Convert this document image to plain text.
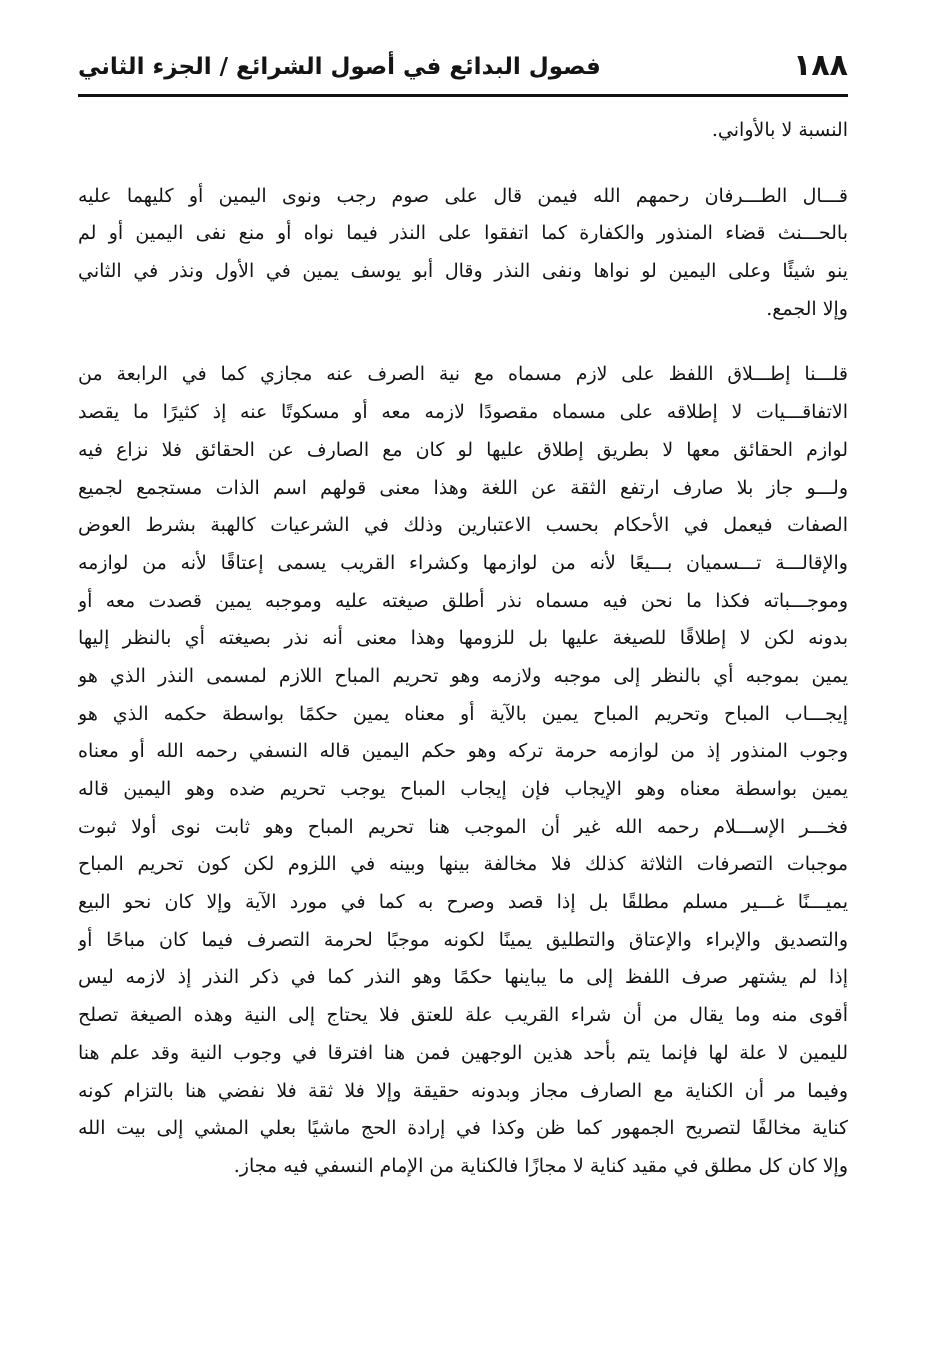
١٨٨
فصول البدائع في أصول الشرائع / الجزء الثاني
النسبة لا بالأواني.
قـــال الطـــرفان رحمهم الله فيمن قال على صوم رجب ونوى اليمين أو كليهما عليه
بالحـــنث قضاء المنذور والكفارة كما اتفقوا على النذر فيما نواه أو منع نفى اليمين أو لم
ينو شيئًا وعلى اليمين لو نواها ونفى النذر وقال أبو يوسف يمين في الأول ونذر في الثاني
وإلا الجمع.
قلـــنا إطـــلاق اللفظ على لازم مسماه مع نية الصرف عنه مجازي كما في الرابعة من
الاتفاقـــيات لا إطلاقه على مسماه مقصودًا لازمه معه أو مسكوتًا عنه إذ كثيرًا ما يقصد
لوازم الحقائق معها لا بطريق إطلاق عليها لو كان مع الصارف عن الحقائق فلا نزاع فيه
ولـــو جاز بلا صارف ارتفع الثقة عن اللغة وهذا معنى قولهم اسم الذات مستجمع لجميع
الصفات فيعمل في الأحكام بحسب الاعتبارين وذلك في الشرعيات كالهبة بشرط العوض
والإقالـــة تـــسميان بـــيعًا لأنه من لوازمها وكشراء القريب يسمى إعتاقًا لأنه من لوازمه
وموجـــباته فكذا ما نحن فيه مسماه نذر أطلق صيغته عليه وموجبه يمين قصدت معه أو
بدونه لكن لا إطلاقًا للصيغة عليها بل للزومها وهذا معنى أنه نذر بصيغته أي بالنظر إليها
يمين بموجبه أي بالنظر إلى موجبه ولازمه وهو تحريم المباح اللازم لمسمى النذر الذي هو
إيجـــاب المباح وتحريم المباح يمين بالآية أو معناه يمين حكمًا بواسطة حكمه الذي هو
وجوب المنذور إذ من لوازمه حرمة تركه وهو حكم اليمين قاله النسفي رحمه الله أو معناه
يمين بواسطة معناه وهو الإيجاب فإن إيجاب المباح يوجب تحريم ضده وهو اليمين قاله
فخـــر الإســـلام رحمه الله غير أن الموجب هنا تحريم المباح وهو ثابت نوى أولا ثبوت
موجبات التصرفات الثلاثة كذلك فلا مخالفة بينها وبينه في اللزوم لكن كون تحريم المباح
يميـــنًا غـــير مسلم مطلقًا بل إذا قصد وصرح به كما في مورد الآية وإلا كان نحو البيع
والتصديق والإبراء والإعتاق والتطليق يمينًا لكونه موجبًا لحرمة التصرف فيما كان مباحًا أو
إذا لم يشتهر صرف اللفظ إلى ما يباينها حكمًا وهو النذر كما في ذكر النذر إذ لازمه ليس
أقوى منه وما يقال من أن شراء القريب علة للعتق فلا يحتاج إلى النية وهذه الصيغة تصلح
لليمين لا علة لها فإنما يتم بأحد هذين الوجهين فمن هنا افترقا في وجوب النية وقد علم هنا
وفيما مر أن الكناية مع الصارف مجاز وبدونه حقيقة وإلا فلا ثقة فلا نفضي هنا بالتزام كونه
كناية مخالفًا لتصريح الجمهور كما ظن وكذا في إرادة الحج ماشيًا بعلي المشي إلى بيت الله
وإلا كان كل مطلق في مقيد كناية لا مجازًا فالكناية من الإمام النسفي فيه مجاز.
